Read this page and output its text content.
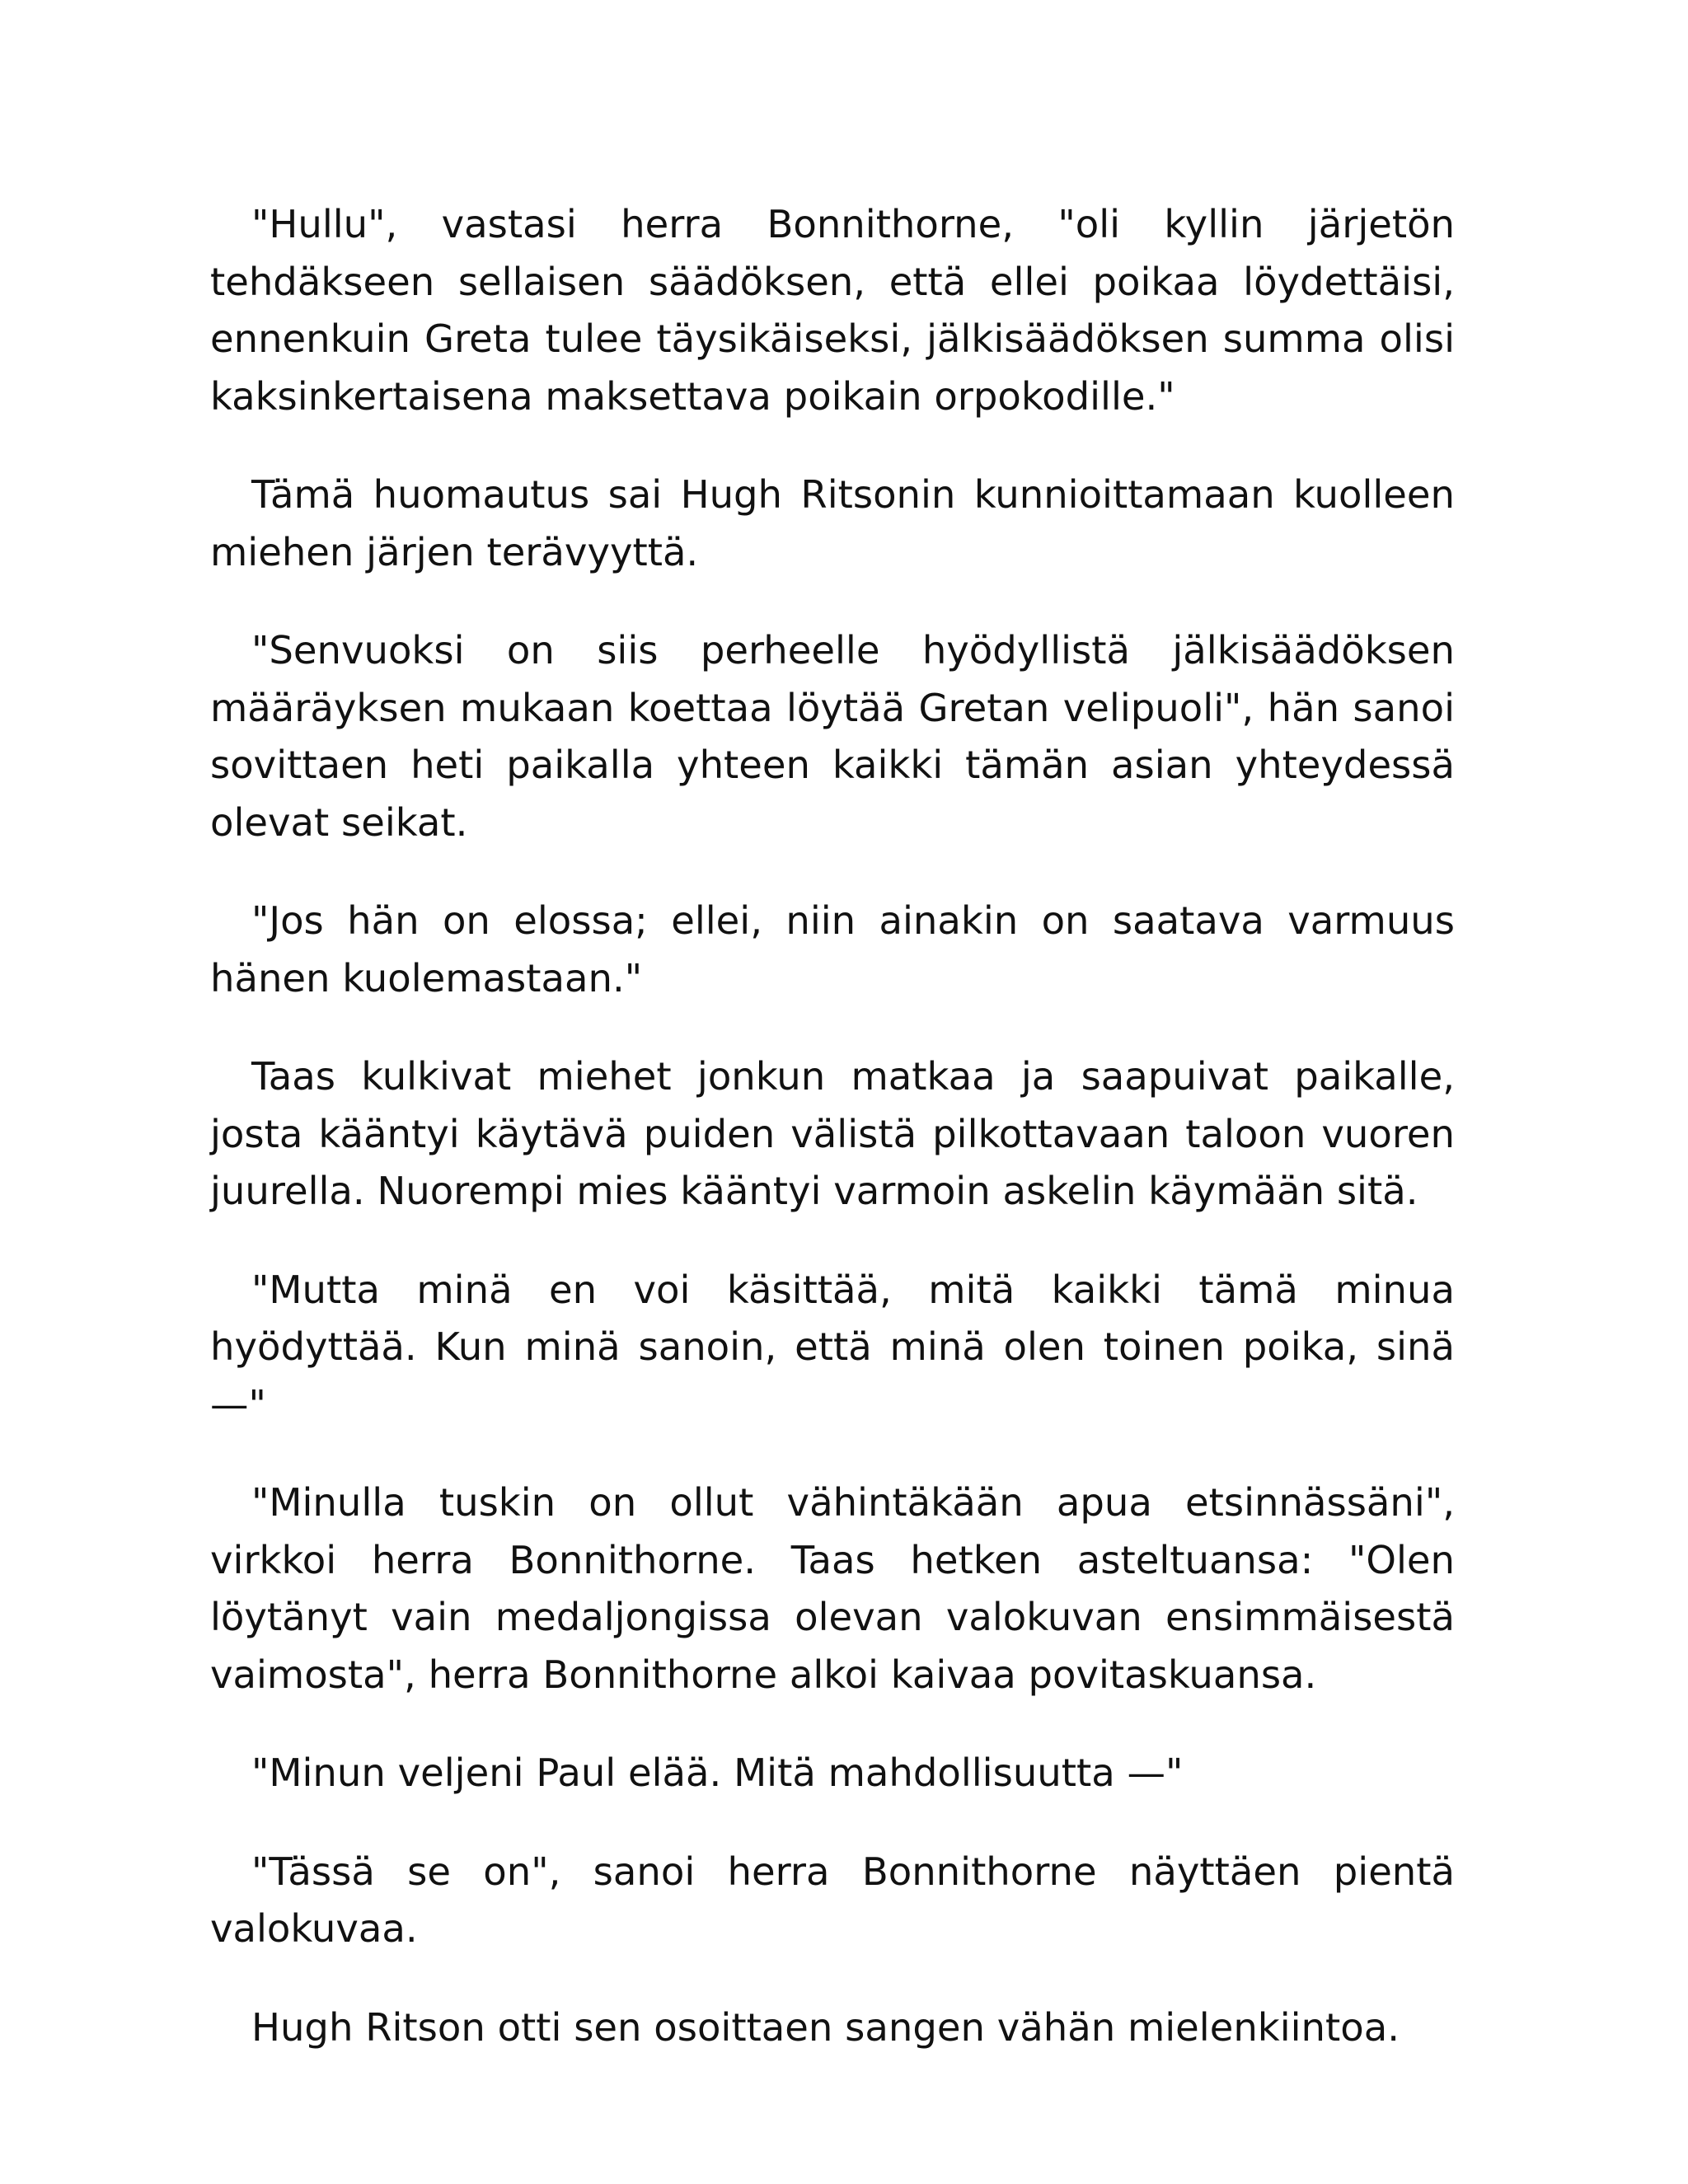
"Hullu", vastasi herra Bonnithorne, "oli kyllin järjetön tehdäkseen sellaisen säädöksen, että ellei poikaa löydettäisi, ennenkuin Greta tulee täysikäiseksi, jälkisäädöksen summa olisi kaksinkertaisena maksettava poikain orpokodille."

Tämä huomautus sai Hugh Ritsonin kunnioittamaan kuolleen miehen järjen terävyyttä.

"Senvuoksi on siis perheelle hyödyllistä jälkisäädöksen määräyksen mukaan koettaa löytää Gretan velipuoli", hän sanoi sovittaen heti paikalla yhteen kaikki tämän asian yhteydessä olevat seikat.

"Jos hän on elossa; ellei, niin ainakin on saatava varmuus hänen kuolemastaan."

Taas kulkivat miehet jonkun matkaa ja saapuivat paikalle, josta kääntyi käytävä puiden välistä pilkottavaan taloon vuoren juurella. Nuorempi mies kääntyi varmoin askelin käymään sitä.

"Mutta minä en voi käsittää, mitä kaikki tämä minua hyödyttää. Kun minä sanoin, että minä olen toinen poika, sinä —"

"Minulla tuskin on ollut vähintäkään apua etsinnässäni", virkkoi herra Bonnithorne. Taas hetken asteltuansa: "Olen löytänyt vain medaljongissa olevan valokuvan ensimmäisestä vaimosta", herra Bonnithorne alkoi kaivaa povitaskuansa.

"Minun veljeni Paul elää. Mitä mahdollisuutta —"

"Tässä se on", sanoi herra Bonnithorne näyttäen pientä valokuvaa.

Hugh Ritson otti sen osoittaen sangen vähän mielenkiintoa.
